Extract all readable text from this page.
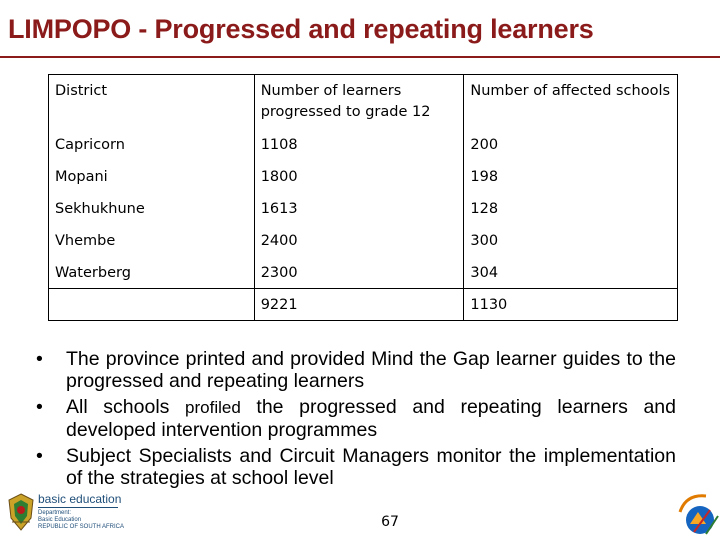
LIMPOPO - Progressed and repeating learners
District	Number of learners progressed to grade 12	Number of affected schools
Capricorn	1108	200
Mopani	1800	198
Sekhukhune	1613	128
Vhembe	2400	300
Waterberg	2300	304
	9221	1130
• The province printed and provided Mind the Gap learner guides to the progressed and repeating learners
• All schools profiled the progressed and repeating learners and developed intervention programmes
• Subject Specialists and Circuit Managers monitor the implementation of the strategies at school level
basic education
Department:
Basic Education
REPUBLIC OF SOUTH AFRICA	67
